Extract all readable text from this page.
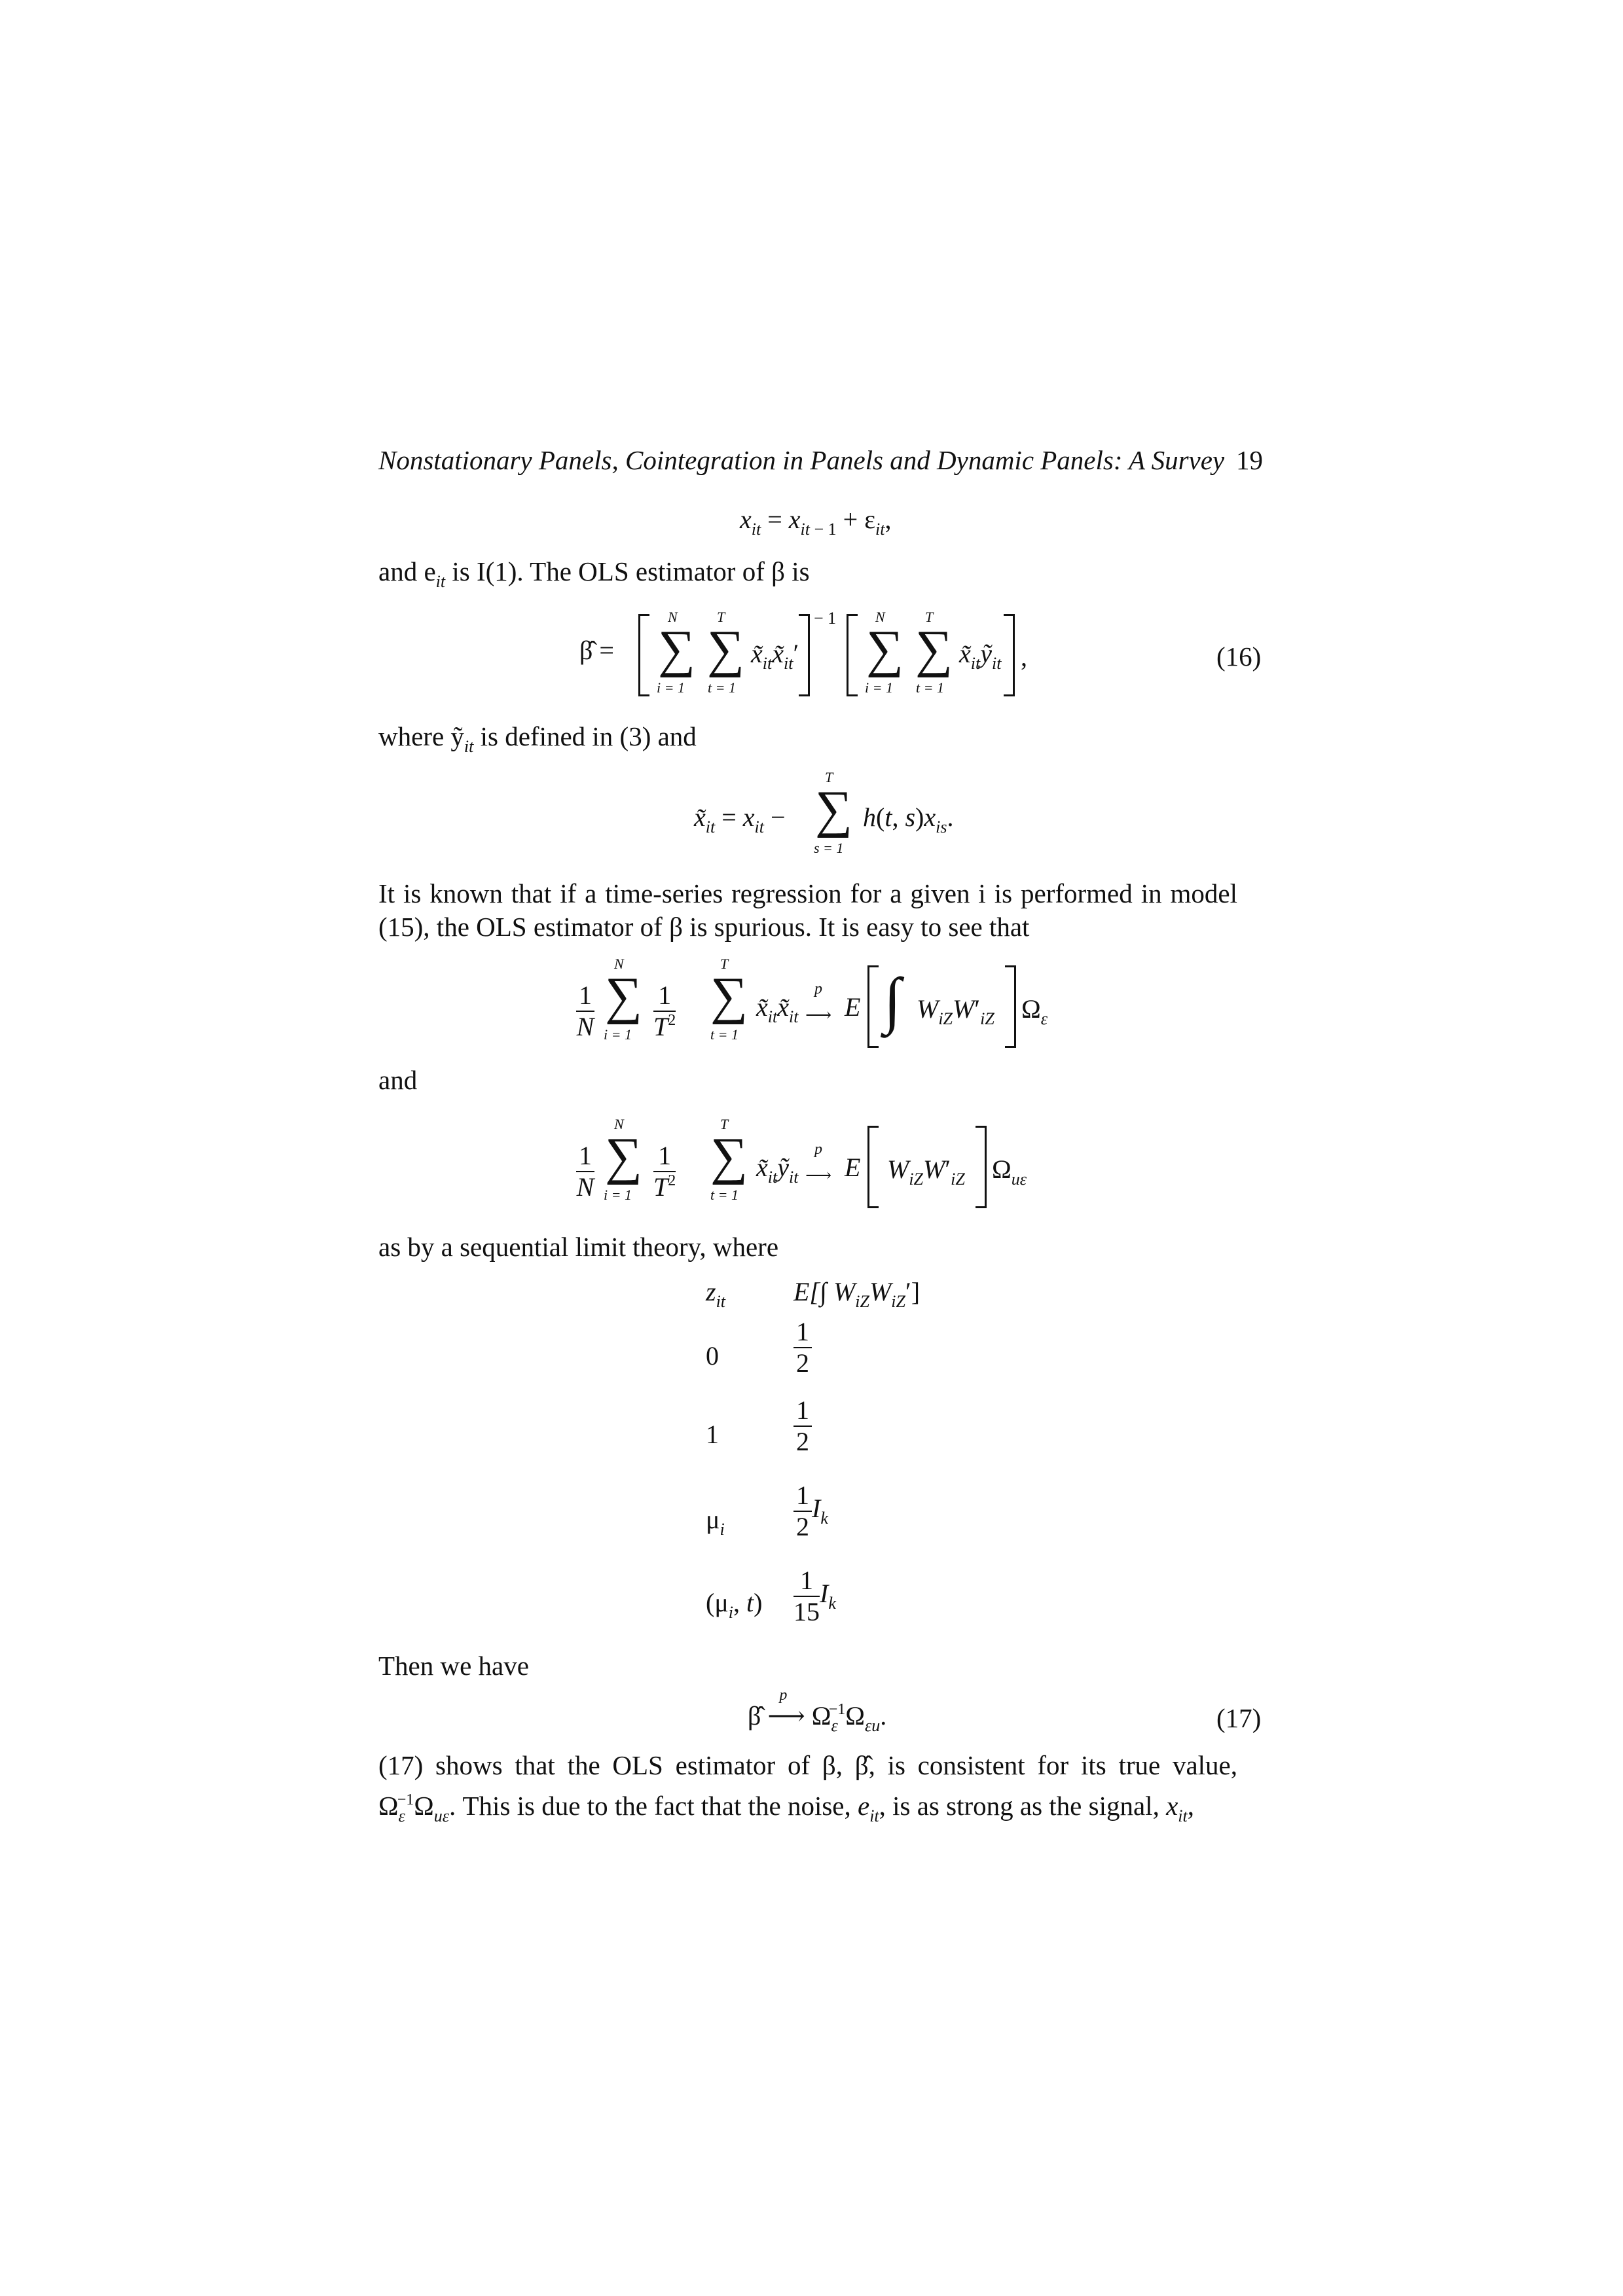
Nonstationary Panels, Cointegration in Panels and Dynamic Panels: A Survey 19
$x_{it} = x_{it}$ $_{- 1} + \varepsilon_{it}$,
and $e_{it}$ is I(1). The OLS estimator of β is
β̂ =
N
∑
i = 1
T
∑
t = 1
$x̃_{it}x̃_{it}'$
− 1	N
∑
i = 1
T
∑
t = 1
$x̃_{it}ỹ_{it}$ ,	(16)
where ỹ$_{it}$ is defined in (3) and
$x̃_{it} = x_{it}$ −
T
∑
s = 1
h(t, $s)x_{is}$.
It is known that if a time-series regression for a given i is performed in model (15), the OLS estimator of β is spurious. It is easy to see that
$\frac{1}{N}$
N
∑
$i = 1 \frac{1}{T^2}$
T
∑
t = 1
$x̃_{it}x̃_{it}$
p
⟶ E ∫ $W_{iZ}W'_{iZ}$ $\Omega_\varepsilon$
and
$\frac{1}{N}$
N
∑
$i = 1 \frac{1}{T^2}$
T
∑
t = 1
$x̃_{it}ỹ_{it}$
p
⟶ E $W_{iZ}W'_{iZ}$ $\Omega_{u\varepsilon}$
as by a sequential limit theory, where
$z_{it}$	E[∫ $W_{iZ}W_{iZ}'$]
0	$\frac{1}{2}$
1	$\frac{1}{2}$
$\mu_i$	$\frac{1}{2} I_k$
($\mu_i$, $t) \frac{1}{15} I_k$
Then we have
β̂
p
⟶ $\Omega_\varepsilon^{-1}\Omega_{\varepsilon u}$.	(17)
(17) shows that the OLS estimator of β, β̂, is consistent for its true value,
$\Omega_\varepsilon^{-1}\Omega_{u\varepsilon}$. This is due to the fact that the noise, $e_{it}$, is as strong as the signal, $x_{it}$,
